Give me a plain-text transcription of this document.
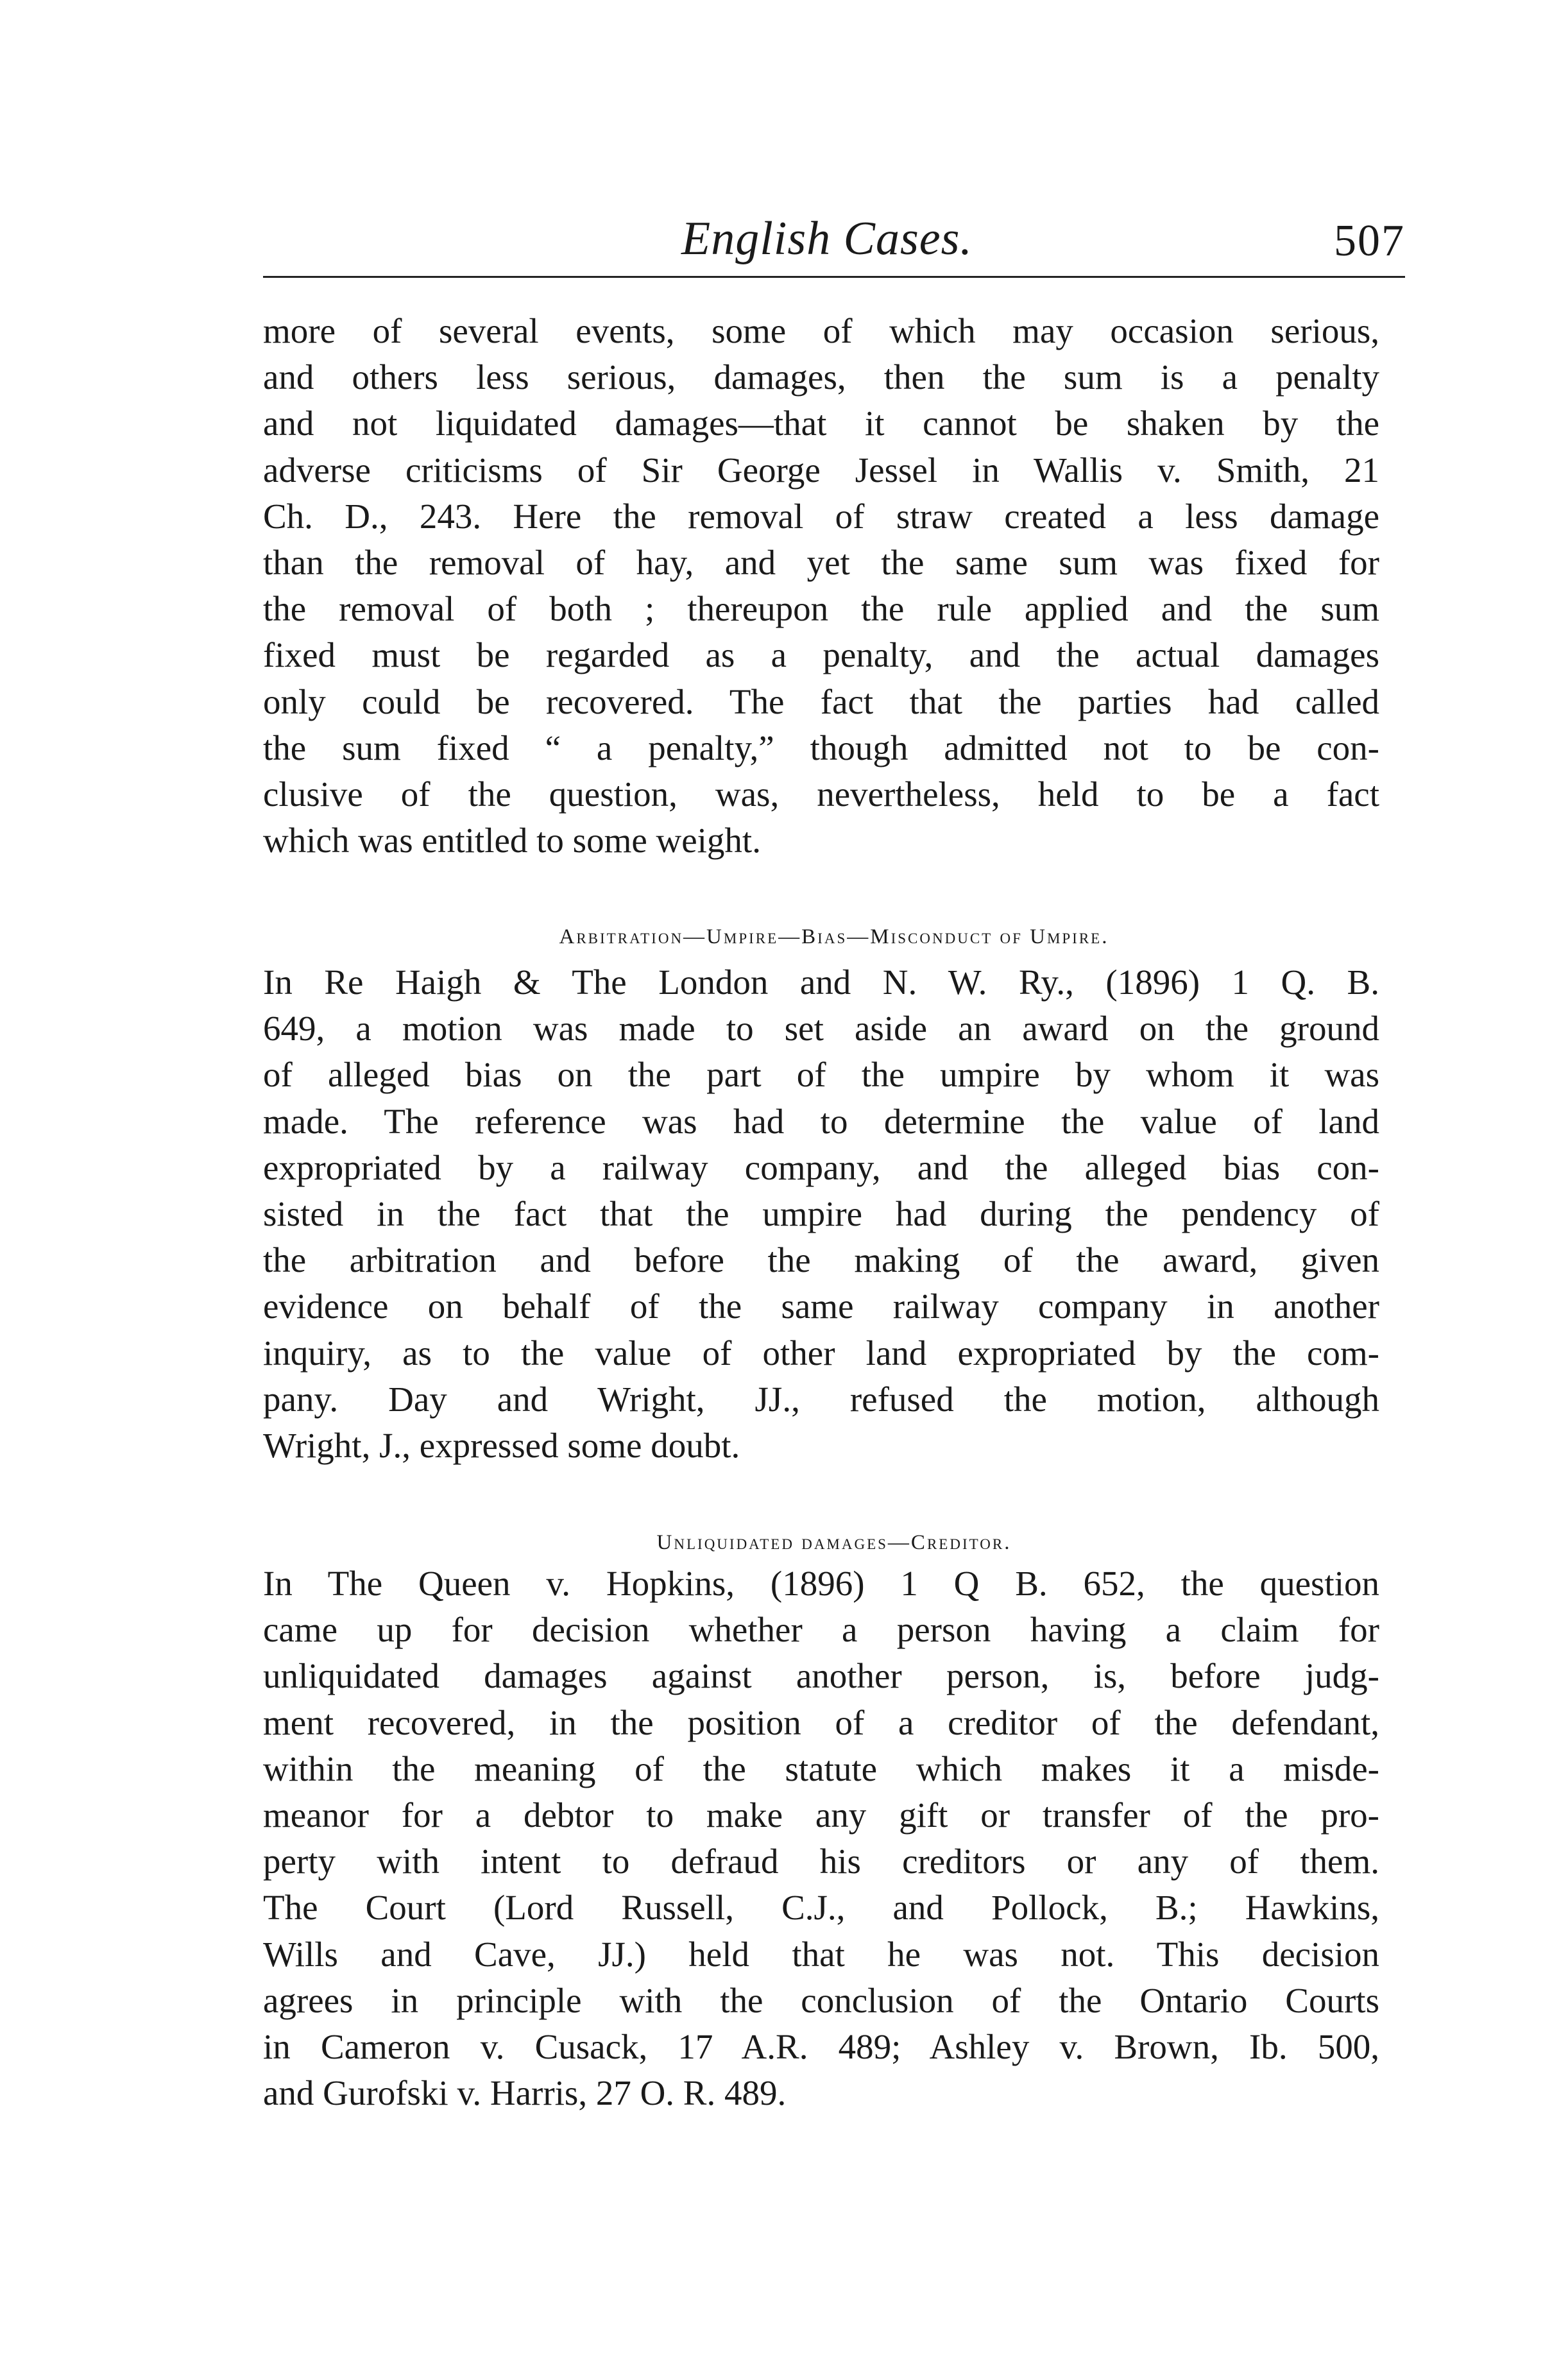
English Cases.	507
more of several events, some of which may occasion serious,
and others less serious, damages, then the sum is a penalty
and not liquidated damages—that it cannot be shaken by the
adverse criticisms of Sir George Jessel in Wallis v. Smith, 21
Ch. D., 243. Here the removal of straw created a less damage
than the removal of hay, and yet the same sum was fixed for
the removal of both ; thereupon the rule applied and the sum
fixed must be regarded as a penalty, and the actual damages
only could be recovered. The fact that the parties had called
the sum fixed “ a penalty,” though admitted not to be con-
clusive of the question, was, nevertheless, held to be a fact
which was entitled to some weight.
Arbitration—Umpire—Bias—Misconduct of Umpire.
In Re Haigh & The London and N. W. Ry., (1896) 1 Q. B.
649, a motion was made to set aside an award on the ground
of alleged bias on the part of the umpire by whom it was
made. The reference was had to determine the value of land
expropriated by a railway company, and the alleged bias con-
sisted in the fact that the umpire had during the pendency of
the arbitration and before the making of the award, given
evidence on behalf of the same railway company in another
inquiry, as to the value of other land expropriated by the com-
pany. Day and Wright, JJ., refused the motion, although
Wright, J., expressed some doubt.
Unliquidated damages—Creditor.
In The Queen v. Hopkins, (1896) 1 Q B. 652, the question
came up for decision whether a person having a claim for
unliquidated damages against another person, is, before judg-
ment recovered, in the position of a creditor of the defendant,
within the meaning of the statute which makes it a misde-
meanor for a debtor to make any gift or transfer of the pro-
perty with intent to defraud his creditors or any of them.
The Court (Lord Russell, C.J., and Pollock, B.; Hawkins,
Wills and Cave, JJ.) held that he was not. This decision
agrees in principle with the conclusion of the Ontario Courts
in Cameron v. Cusack, 17 A.R. 489; Ashley v. Brown, Ib. 500,
and Gurofski v. Harris, 27 O. R. 489.
